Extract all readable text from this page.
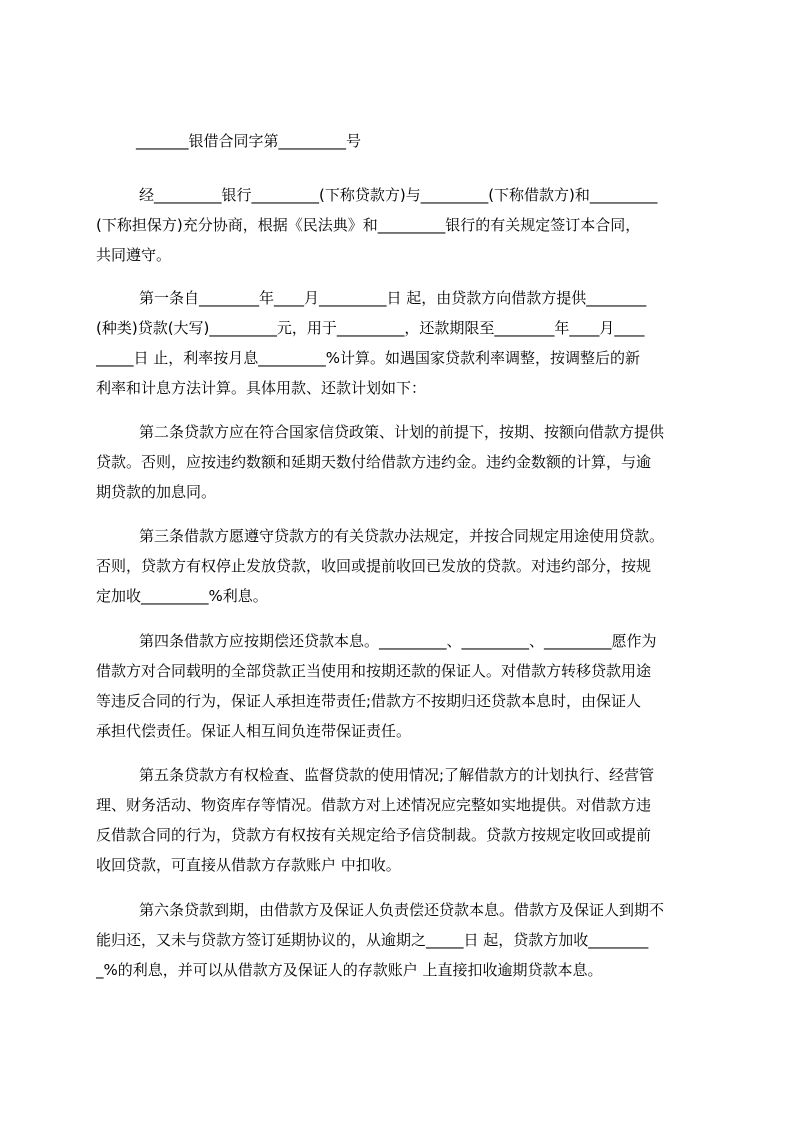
_______银借合同字第_________号
经_________银行_________(下称贷款方)与_________(下称借款方)和_________
(下称担保方)充分协商，根据《民法典》和_________银行的有关规定签订本合同，
共同遵守。
第一条自________年____月_________日 起，由贷款方向借款方提供________
(种类)贷款(大写)_________元，用于_________，还款期限至________年____月____
_____日 止，利率按月息_________%计算。如遇国家贷款利率调整，按调整后的新
利率和计息方法计算。具体用款、还款计划如下：
第二条贷款方应在符合国家信贷政策、计划的前提下，按期、按额向借款方提供
贷款。否则，应按违约数额和延期天数付给借款方违约金。违约金数额的计算，与逾
期贷款的加息同。
第三条借款方愿遵守贷款方的有关贷款办法规定，并按合同规定用途使用贷款。
否则，贷款方有权停止发放贷款，收回或提前收回已发放的贷款。对违约部分，按规
定加收_________%利息。
第四条借款方应按期偿还贷款本息。_________、_________、_________愿作为
借款方对合同载明的全部贷款正当使用和按期还款的保证人。对借款方转移贷款用途
等违反合同的行为，保证人承担连带责任;借款方不按期归还贷款本息时，由保证人
承担代偿责任。保证人相互间负连带保证责任。
第五条贷款方有权检查、监督贷款的使用情况;了解借款方的计划执行、经营管
理、财务活动、物资库存等情况。借款方对上述情况应完整如实地提供。对借款方违
反借款合同的行为，贷款方有权按有关规定给予信贷制裁。贷款方按规定收回或提前
收回贷款，可直接从借款方存款账户 中扣收。
第六条贷款到期，由借款方及保证人负责偿还贷款本息。借款方及保证人到期不
能归还，又未与贷款方签订延期协议的，从逾期之_____日 起，贷款方加收________
_%的利息，并可以从借款方及保证人的存款账户 上直接扣收逾期贷款本息。
